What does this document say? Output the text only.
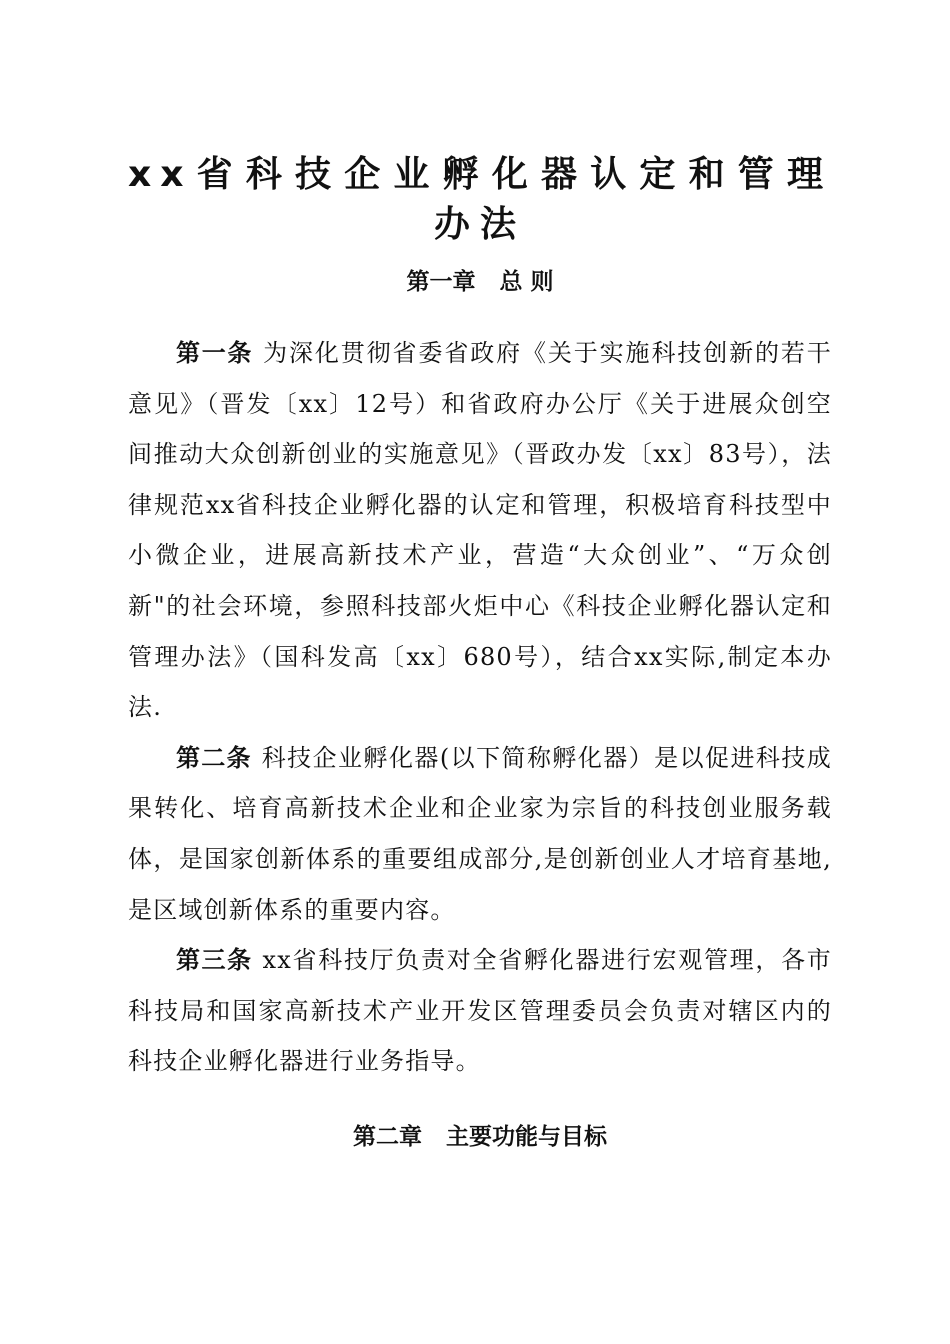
xx省科技企业孵化器认定和管理
办法
第一章   总 则

第一条 为深化贯彻省委省政府《关于实施科技创新的若干意见》（晋发〔xx〕12号）和省政府办公厅《关于进展众创空间推动大众创新创业的实施意见》（晋政办发〔xx〕83号），法律规范xx省科技企业孵化器的认定和管理，积极培育科技型中小微企业，进展高新技术产业，营造“大众创业”、“万众创新"的社会环境，参照科技部火炬中心《科技企业孵化器认定和管理办法》（国科发高〔xx〕680号），结合xx实际,制定本办法.

第二条 科技企业孵化器(以下简称孵化器）是以促进科技成果转化、培育高新技术企业和企业家为宗旨的科技创业服务载体，是国家创新体系的重要组成部分,是创新创业人才培育基地,是区域创新体系的重要内容。

第三条 xx省科技厅负责对全省孵化器进行宏观管理，各市科技局和国家高新技术产业开发区管理委员会负责对辖区内的科技企业孵化器进行业务指导。

第二章   主要功能与目标
